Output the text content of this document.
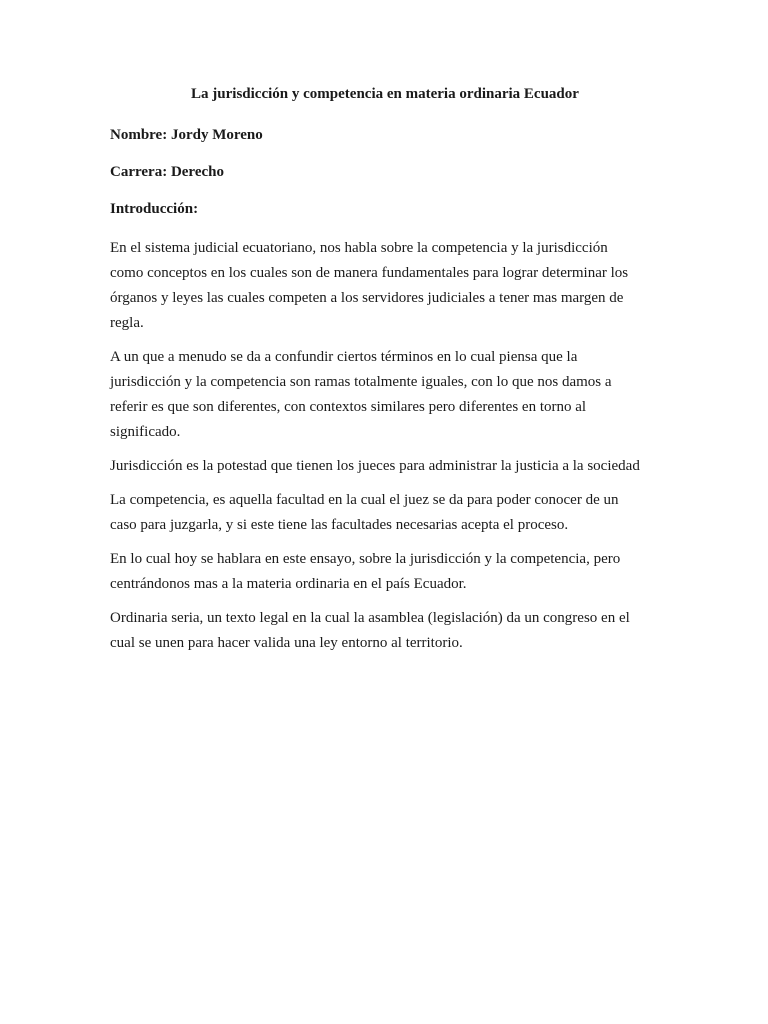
La jurisdicción y competencia en materia ordinaria Ecuador

Nombre: Jordy Moreno

Carrera: Derecho

Introducción:

En el sistema judicial ecuatoriano, nos habla sobre la competencia y la jurisdicción
como conceptos en los cuales son de manera fundamentales para lograr determinar los
órganos y leyes las cuales competen a los servidores judiciales a tener mas margen de
regla.

A un que a menudo se da a confundir ciertos términos en lo cual piensa que la
jurisdicción y la competencia son ramas totalmente iguales, con lo que nos damos a
referir es que son diferentes, con contextos similares pero diferentes en torno al
significado.

Jurisdicción es la potestad que tienen los jueces para administrar la justicia a la sociedad

La competencia, es aquella facultad en la cual el juez se da para poder conocer de un
caso para juzgarla, y si este tiene las facultades necesarias acepta el proceso.

En lo cual hoy se hablara en este ensayo, sobre la jurisdicción y la competencia, pero
centrándonos mas a la materia ordinaria en el país Ecuador.

Ordinaria seria, un texto legal en la cual la asamblea (legislación) da un congreso en el
cual se unen para hacer valida una ley entorno al territorio.
